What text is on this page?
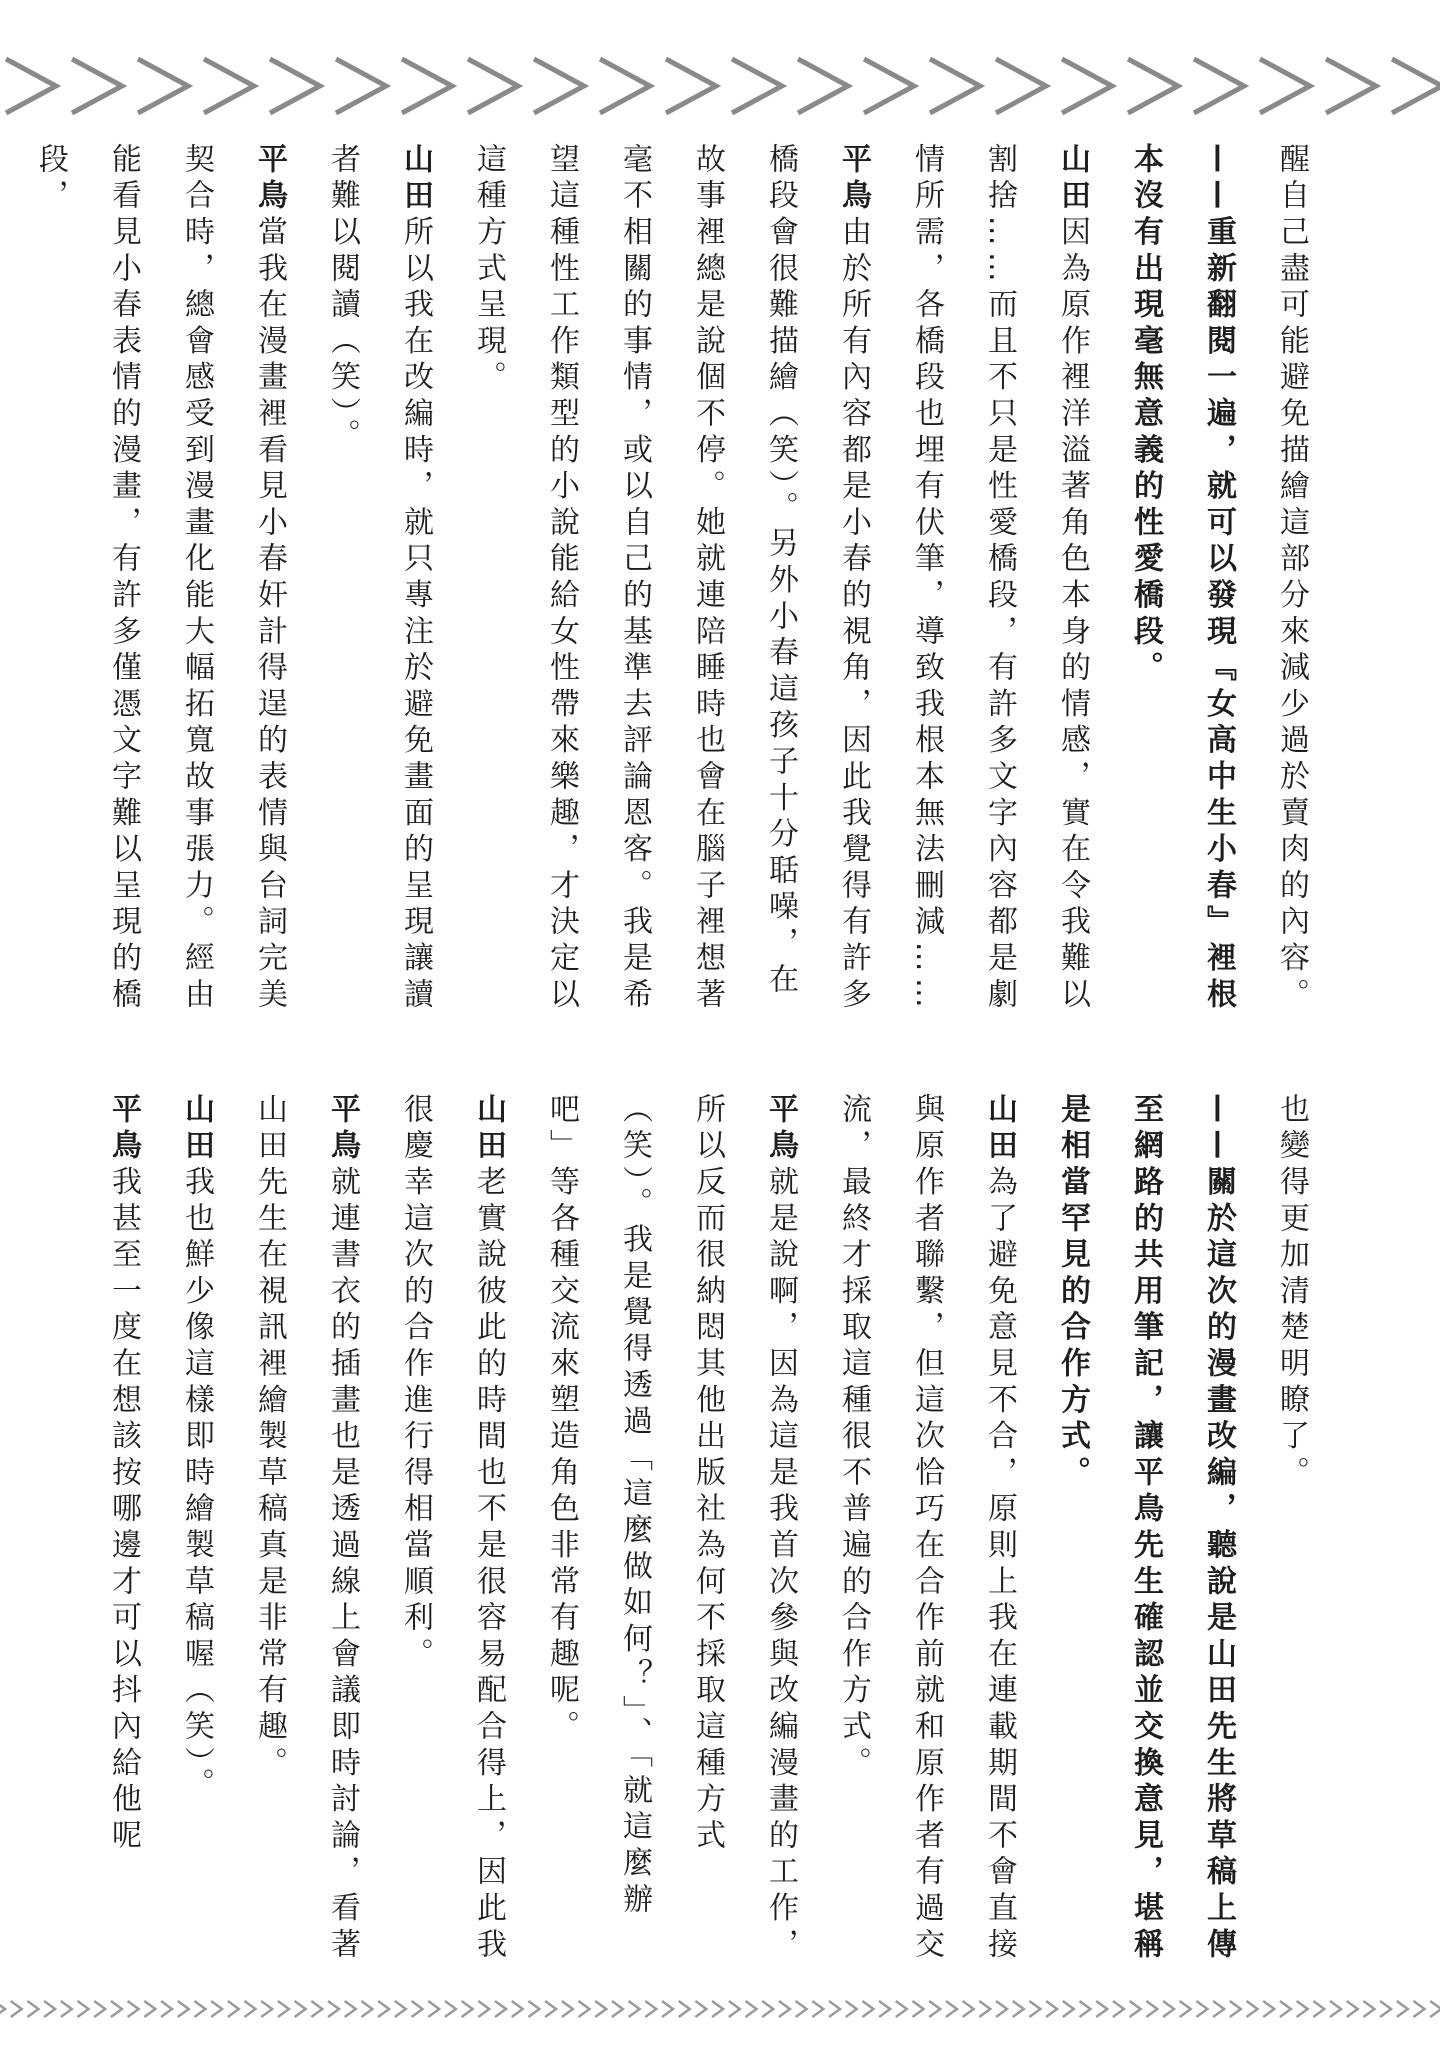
醒自己盡可能避免描繪這部分來減少過於賣肉的內容。

——重新翻閱一遍，就可以發現『女高中生小春』裡根本沒有出現毫無意義的性愛橋段。

山田因為原作裡洋溢著角色本身的情感，實在令我難以割捨……而且不只是性愛橋段，有許多文字內容都是劇情所需，各橋段也埋有伏筆，導致我根本無法刪減……

平鳥由於所有內容都是小春的視角，因此我覺得有許多橋段會很難描繪（笑）。另外小春這孩子十分聒噪，在故事裡總是說個不停。她就連陪睡時也會在腦子裡想著毫不相關的事情，或以自己的基準去評論恩客。我是希望這種性工作類型的小說能給女性帶來樂趣，才決定以這種方式呈現。

山田所以我在改編時，就只專注於避免畫面的呈現讓讀者難以閱讀（笑）。

平鳥當我在漫畫裡看見小春奸計得逞的表情與台詞完美契合時，總會感受到漫畫化能大幅拓寬故事張力。經由能看見小春表情的漫畫，有許多僅憑文字難以呈現的橋段，

也變得更加清楚明瞭了。

——關於這次的漫畫改編，聽說是山田先生將草稿上傳至網路的共用筆記，讓平鳥先生確認並交換意見，堪稱是相當罕見的合作方式。

山田為了避免意見不合，原則上我在連載期間不會直接與原作者聯繫，但這次恰巧在合作前就和原作者有過交流，最終才採取這種很不普遍的合作方式。

平鳥就是說啊，因為這是我首次參與改編漫畫的工作，所以反而很納悶其他出版社為何不採取這種方式（笑）。我是覺得透過「這麼做如何？」、「就這麼辦吧」等各種交流來塑造角色非常有趣呢。

山田老實說彼此的時間也不是很容易配合得上，因此我很慶幸這次的合作進行得相當順利。

平鳥就連書衣的插畫也是透過線上會議即時討論，看著山田先生在視訊裡繪製草稿真是非常有趣。

山田我也鮮少像這樣即時繪製草稿喔（笑）。

平鳥我甚至一度在想該按哪邊才可以抖內給他呢
